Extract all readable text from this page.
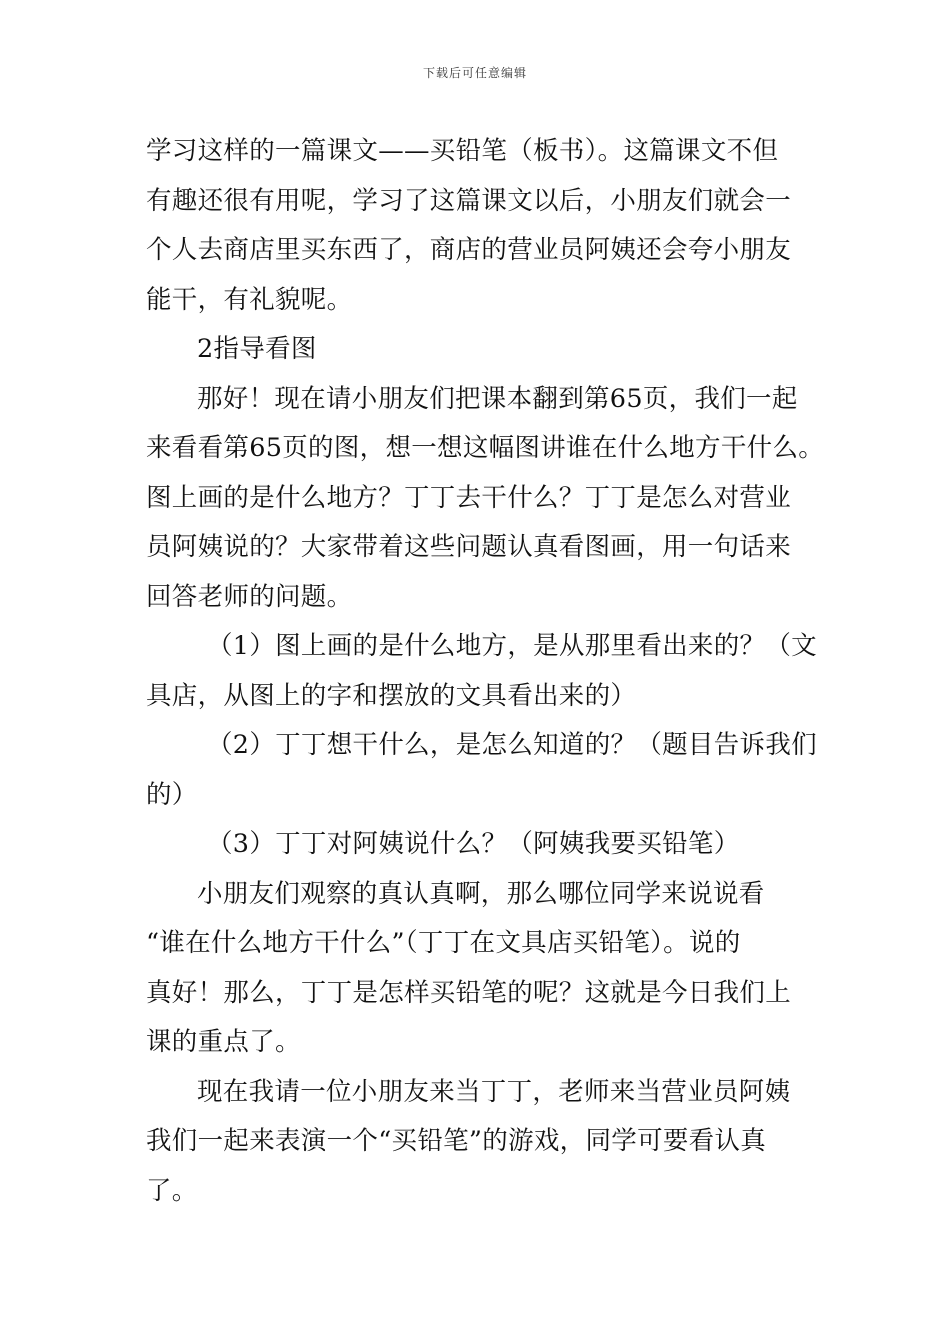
下载后可任意编辑
学习这样的一篇课文——买铅笔（板书）。这篇课文不但
有趣还很有用呢，学习了这篇课文以后，小朋友们就会一
个人去商店里买东西了，商店的营业员阿姨还会夸小朋友
能干，有礼貌呢。
2指导看图
那好！现在请小朋友们把课本翻到第65页，我们一起
来看看第65页的图，想一想这幅图讲谁在什么地方干什么。
图上画的是什么地方？丁丁去干什么？丁丁是怎么对营业
员阿姨说的？大家带着这些问题认真看图画，用一句话来
回答老师的问题。
（1）图上画的是什么地方，是从那里看出来的？（文
具店，从图上的字和摆放的文具看出来的）
（2）丁丁想干什么，是怎么知道的？（题目告诉我们
的）
（3）丁丁对阿姨说什么？（阿姨我要买铅笔）
小朋友们观察的真认真啊，那么哪位同学来说说看
“谁在什么地方干什么”（丁丁在文具店买铅笔）。说的
真好！那么，丁丁是怎样买铅笔的呢？这就是今日我们上
课的重点了。
现在我请一位小朋友来当丁丁，老师来当营业员阿姨
我们一起来表演一个“买铅笔”的游戏，同学可要看认真
了。
